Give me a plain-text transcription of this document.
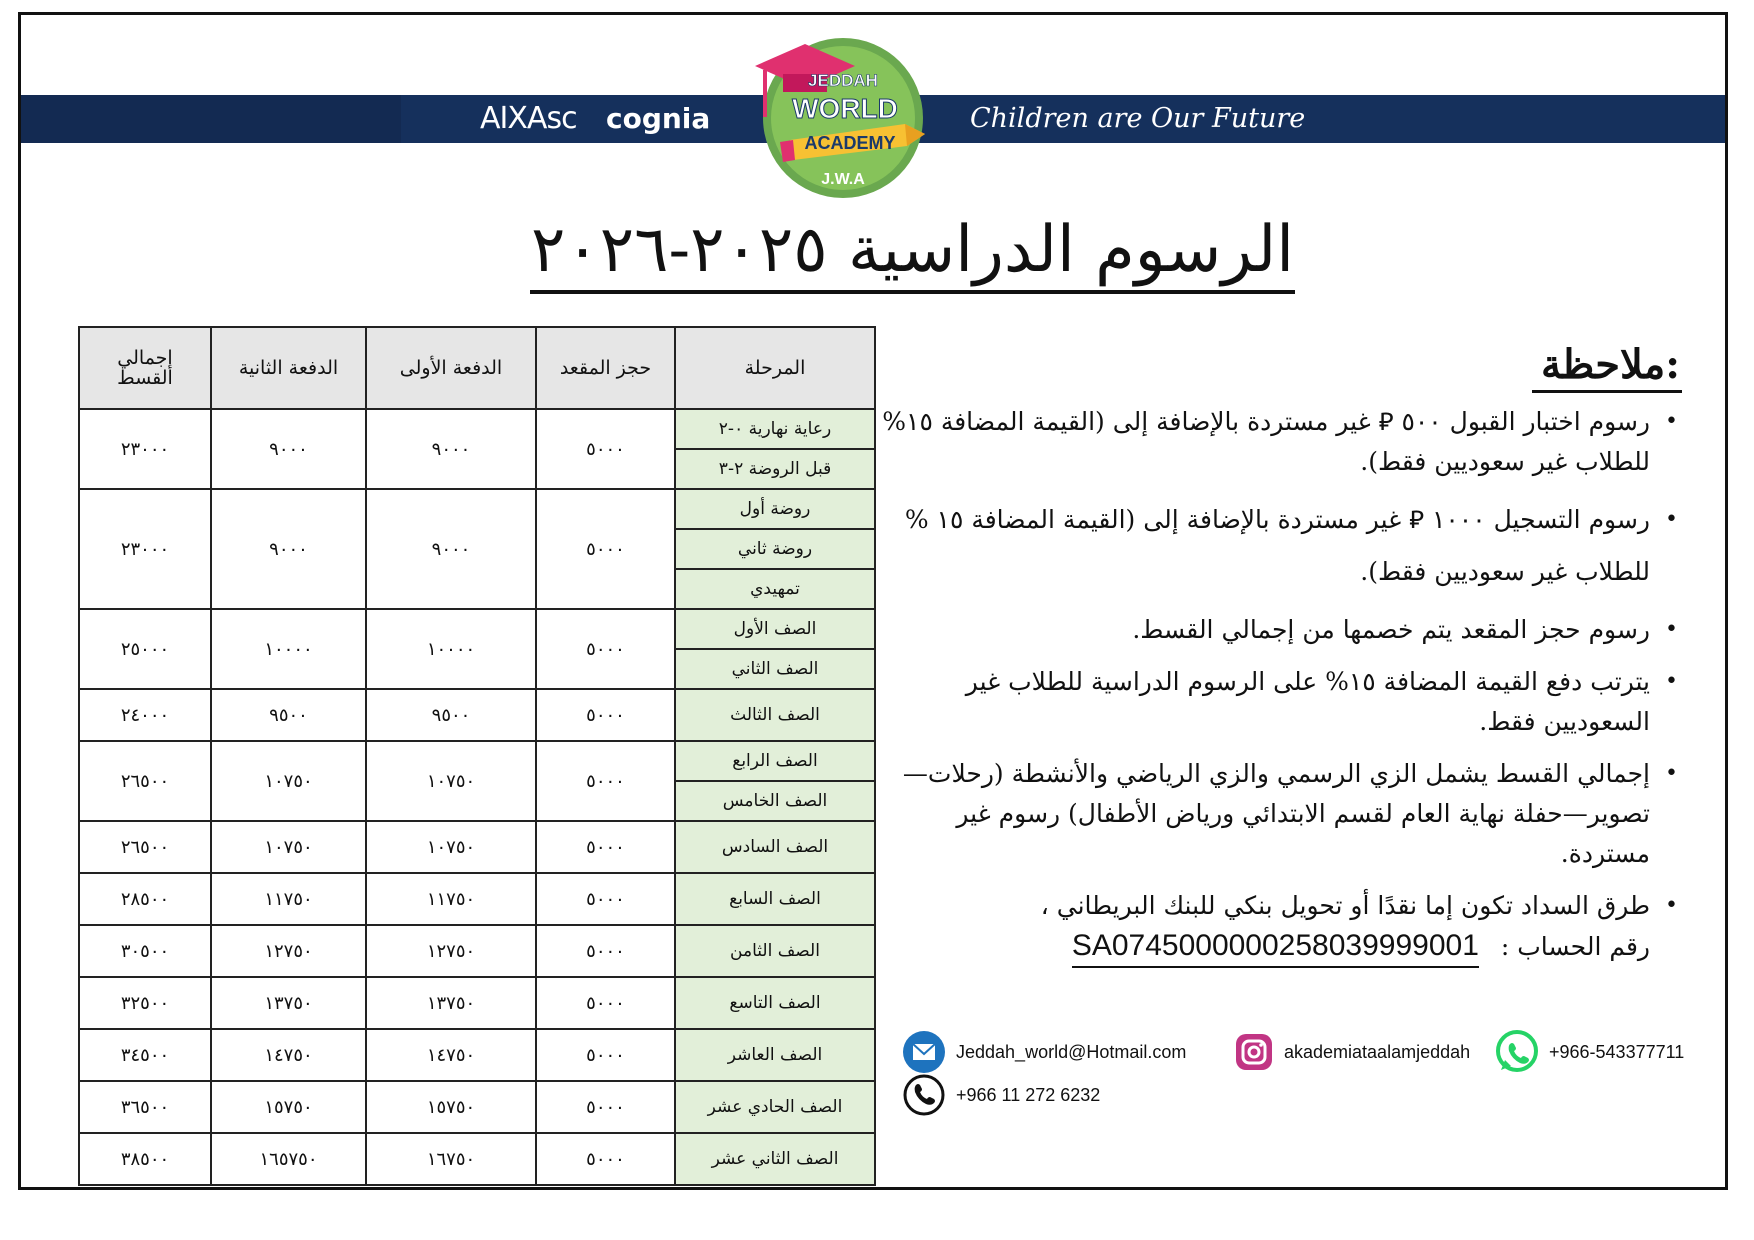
AIXAsc cognia	Children are Our Future
JEDDAH
WORLD
ACADEMY
J.W.A
الرسوم الدراسية ٢٠٢٥-٢٠٢٦
المرحلة	حجز المقعد	الدفعة الأولى	الدفعة الثانية	إجمالي القسط
رعاية نهارية ٠-٢	٥٠٠٠	٩٠٠٠	٩٠٠٠	٢٣٠٠٠
قبل الروضة ٢-٣				
روضة أول	٥٠٠٠	٩٠٠٠	٩٠٠٠	٢٣٠٠٠
روضة ثاني				
تمهيدي				
الصف الأول	٥٠٠٠	١٠٠٠٠	١٠٠٠٠	٢٥٠٠٠
الصف الثاني				
الصف الثالث	٥٠٠٠	٩٥٠٠	٩٥٠٠	٢٤٠٠٠
الصف الرابع	٥٠٠٠	١٠٧٥٠	١٠٧٥٠	٢٦٥٠٠
الصف الخامس				
الصف السادس	٥٠٠٠	١٠٧٥٠	١٠٧٥٠	٢٦٥٠٠
الصف السابع	٥٠٠٠	١١٧٥٠	١١٧٥٠	٢٨٥٠٠
الصف الثامن	٥٠٠٠	١٢٧٥٠	١٢٧٥٠	٣٠٥٠٠
الصف التاسع	٥٠٠٠	١٣٧٥٠	١٣٧٥٠	٣٢٥٠٠
الصف العاشر	٥٠٠٠	١٤٧٥٠	١٤٧٥٠	٣٤٥٠٠
الصف الحادي عشر	٥٠٠٠	١٥٧٥٠	١٥٧٥٠	٣٦٥٠٠
الصف الثاني عشر	٥٠٠٠	١٦٧٥٠	١٦٥٧٥٠	٣٨٥٠٠
ملاحظة:
• رسوم اختبار القبول ٥٠٠ ⃁ غير مستردة بالإضافة إلى (القيمة المضافة ١٥% للطلاب غير سعوديين فقط).
• رسوم التسجيل ١٠٠٠ ⃁ غير مستردة بالإضافة إلى (القيمة المضافة ١٥ % للطلاب غير سعوديين فقط).
• رسوم حجز المقعد يتم خصمها من إجمالي القسط.
• يترتب دفع القيمة المضافة ١٥% على الرسوم الدراسية للطلاب غير السعوديين فقط.
• إجمالي القسط يشمل الزي الرسمي والزي الرياضي والأنشطة (رحلات—تصوير—حفلة نهاية العام لقسم الابتدائي ورياض الأطفال) رسوم غير مستردة.
• طرق السداد تكون إما نقدًا أو تحويل بنكي للبنك البريطاني ،
رقم الحساب : SA0745000000258039999001
Jeddah_world@Hotmail.com	akademiataalamjeddah	+966-543377711
+966 11 272 6232
